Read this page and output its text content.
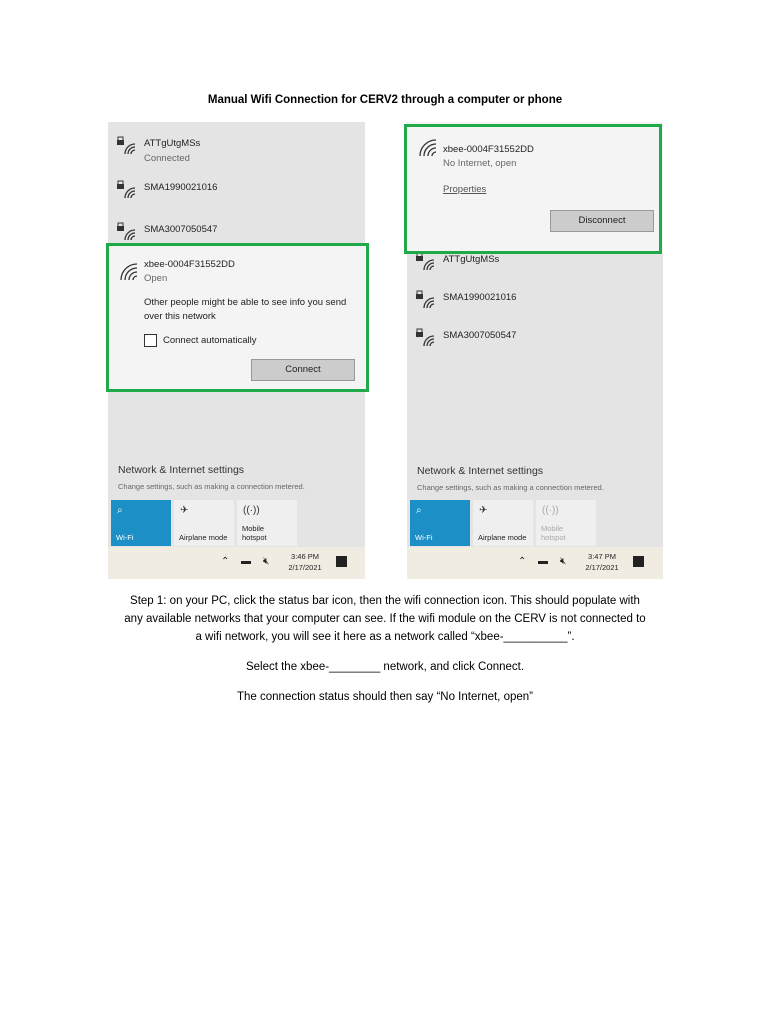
Manual Wifi Connection for CERV2 through a computer or phone
ATTgUtgMSs
Connected
SMA1990021016
SMA3007050547
xbee-0004F31552DD
Open
Other people might be able to see info you send over this network
Connect automatically
Connect
Network & Internet settings
Change settings, such as making a connection metered.
⌕
Wi-Fi
✈
Airplane mode
((·))
Mobile hotspot
⌃ ▬ 🔇︎	3:46 PM
2/17/2021
xbee-0004F31552DD
No Internet, open
Properties
Disconnect
ATTgUtgMSs
SMA1990021016
SMA3007050547
Network & Internet settings
Change settings, such as making a connection metered.
⌕
Wi-Fi
✈
Airplane mode
((·))
Mobile hotspot
⌃ ▬ 🔇︎	3:47 PM
2/17/2021
Step 1: on your PC, click the status bar icon, then the wifi connection icon. This should populate with
any available networks that your computer can see. If the wifi module on the CERV is not connected to
a wifi network, you will see it here as a network called “xbee-__________”.
Select the xbee-________ network, and click Connect.
The connection status should then say “No Internet, open”
